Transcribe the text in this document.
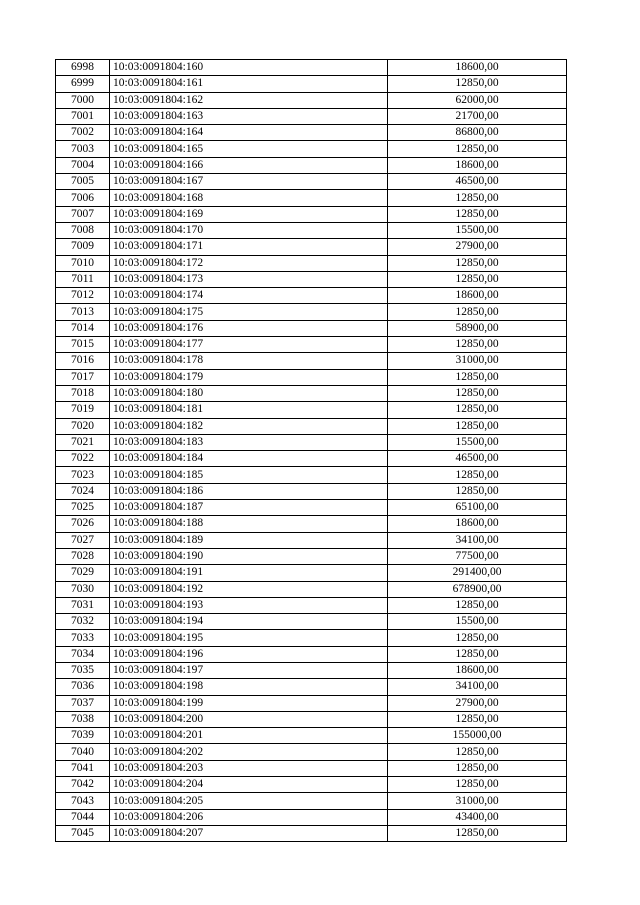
6998	10:03:0091804:160	18600,00
6999	10:03:0091804:161	12850,00
7000	10:03:0091804:162	62000,00
7001	10:03:0091804:163	21700,00
7002	10:03:0091804:164	86800,00
7003	10:03:0091804:165	12850,00
7004	10:03:0091804:166	18600,00
7005	10:03:0091804:167	46500,00
7006	10:03:0091804:168	12850,00
7007	10:03:0091804:169	12850,00
7008	10:03:0091804:170	15500,00
7009	10:03:0091804:171	27900,00
7010	10:03:0091804:172	12850,00
7011	10:03:0091804:173	12850,00
7012	10:03:0091804:174	18600,00
7013	10:03:0091804:175	12850,00
7014	10:03:0091804:176	58900,00
7015	10:03:0091804:177	12850,00
7016	10:03:0091804:178	31000,00
7017	10:03:0091804:179	12850,00
7018	10:03:0091804:180	12850,00
7019	10:03:0091804:181	12850,00
7020	10:03:0091804:182	12850,00
7021	10:03:0091804:183	15500,00
7022	10:03:0091804:184	46500,00
7023	10:03:0091804:185	12850,00
7024	10:03:0091804:186	12850,00
7025	10:03:0091804:187	65100,00
7026	10:03:0091804:188	18600,00
7027	10:03:0091804:189	34100,00
7028	10:03:0091804:190	77500,00
7029	10:03:0091804:191	291400,00
7030	10:03:0091804:192	678900,00
7031	10:03:0091804:193	12850,00
7032	10:03:0091804:194	15500,00
7033	10:03:0091804:195	12850,00
7034	10:03:0091804:196	12850,00
7035	10:03:0091804:197	18600,00
7036	10:03:0091804:198	34100,00
7037	10:03:0091804:199	27900,00
7038	10:03:0091804:200	12850,00
7039	10:03:0091804:201	155000,00
7040	10:03:0091804:202	12850,00
7041	10:03:0091804:203	12850,00
7042	10:03:0091804:204	12850,00
7043	10:03:0091804:205	31000,00
7044	10:03:0091804:206	43400,00
7045	10:03:0091804:207	12850,00
